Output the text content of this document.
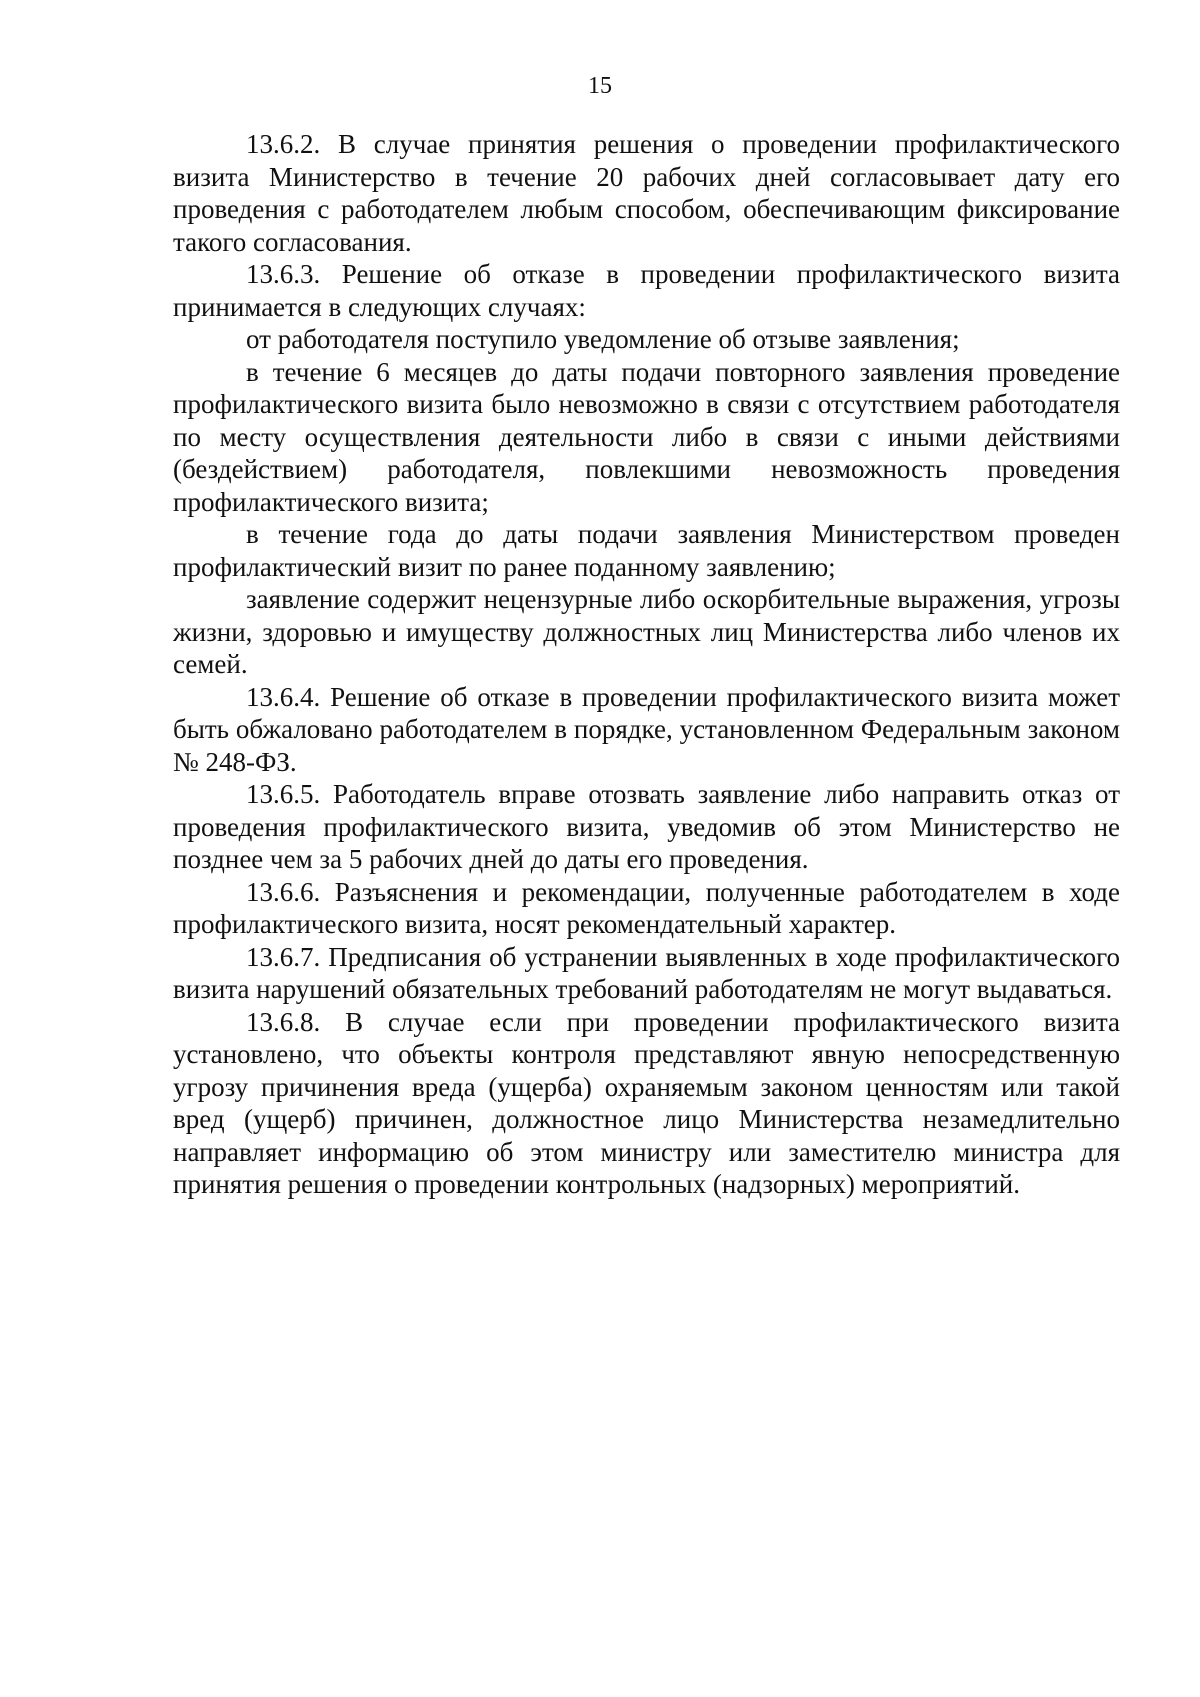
15

13.6.2. В случае принятия решения о проведении профилактического визита Министерство в течение 20 рабочих дней согласовывает дату его проведения с работодателем любым способом, обеспечивающим фиксирование такого согласования.

13.6.3. Решение об отказе в проведении профилактического визита принимается в следующих случаях:

от работодателя поступило уведомление об отзыве заявления;

в течение 6 месяцев до даты подачи повторного заявления проведение профилактического визита было невозможно в связи с отсутствием работодателя по месту осуществления деятельности либо в связи с иными действиями (бездействием) работодателя, повлекшими невозможность проведения профилактического визита;

в течение года до даты подачи заявления Министерством проведен профилактический визит по ранее поданному заявлению;

заявление содержит нецензурные либо оскорбительные выражения, угрозы жизни, здоровью и имуществу должностных лиц Министерства либо членов их семей.

13.6.4. Решение об отказе в проведении профилактического визита может быть обжаловано работодателем в порядке, установленном Федеральным законом № 248-ФЗ.

13.6.5. Работодатель вправе отозвать заявление либо направить отказ от проведения профилактического визита, уведомив об этом Министерство не позднее чем за 5 рабочих дней до даты его проведения.

13.6.6. Разъяснения и рекомендации, полученные работодателем в ходе профилактического визита, носят рекомендательный характер.

13.6.7. Предписания об устранении выявленных в ходе профилактического визита нарушений обязательных требований работодателям не могут выдаваться.

13.6.8. В случае если при проведении профилактического визита установлено, что объекты контроля представляют явную непосредственную угрозу причинения вреда (ущерба) охраняемым законом ценностям или такой вред (ущерб) причинен, должностное лицо Министерства незамедлительно направляет информацию об этом министру или заместителю министра для принятия решения о проведении контрольных (надзорных) мероприятий.
